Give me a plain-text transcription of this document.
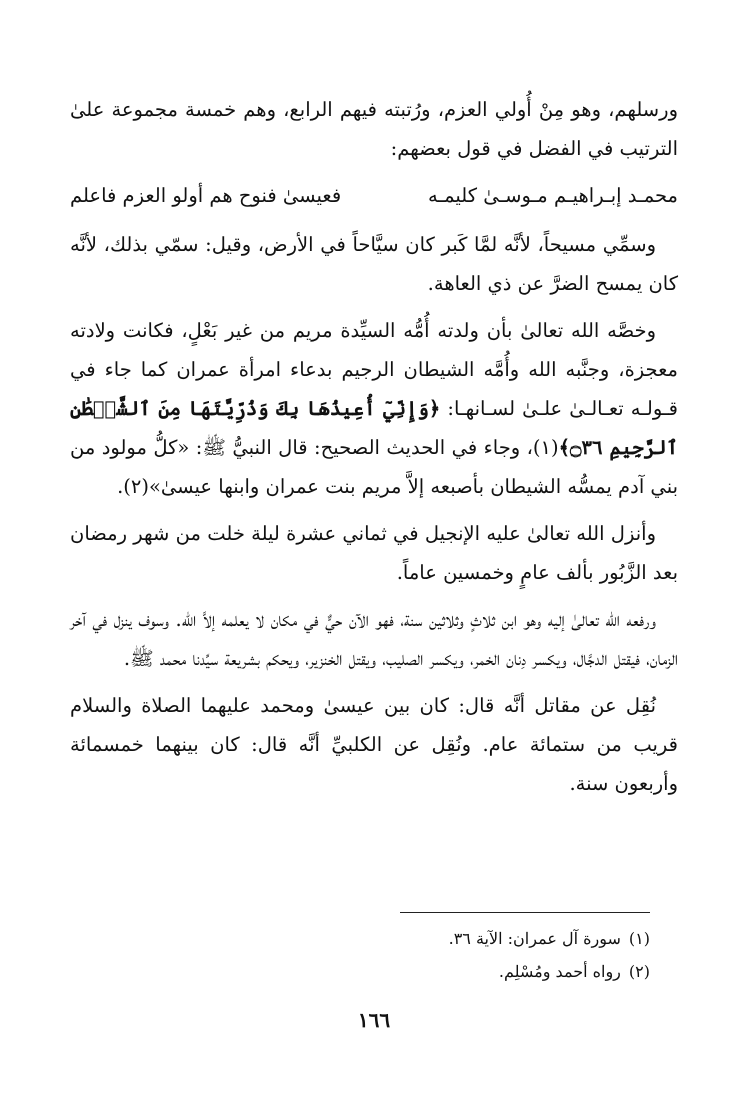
ورسلهم، وهو مِنْ أُولي العزم، ورُتبته فيهم الرابع، وهم خمسة مجموعة علىٰ الترتيب في الفضل في قول بعضهم:

محمـد إبـراهيـم مـوسـىٰ كليمـه
فعيسىٰ فنوح هم أولو العزم فاعلم

وسمِّي مسيحاً، لأنَّه لمَّا كَبر كان سيَّاحاً في الأرض، وقيل: سمّي بذلك، لأنَّه كان يمسح الضرَّ عن ذي العاهة.

وخصَّه الله تعالىٰ بأن ولدته أُمُّه السيِّدة مريم من غير بَعْلٍ، فكانت ولادته معجزة، وجنَّبه الله وأُمَّه الشيطان الرجيم بدعاء امرأة عمران كما جاء في قـولـه تعـالـىٰ علـىٰ لسـانهـا: ﴿وَإِنِّيٓ أُعِيذُهَا بِكَ وَذُرِّيَّتَهَا مِنَ ٱلشَّيۡطَٰنِ ٱلرَّجِيمِ ۝٣٦﴾(١)، وجاء في الحديث الصحيح: قال النبيُّ ﷺ: «كلُّ مولود من بني آدم يمسُّه الشيطان بأصبعه إلاَّ مريم بنت عمران وابنها عيسىٰ»(٢).

وأنزل الله تعالىٰ عليه الإنجيل في ثماني عشرة ليلة خلت من شهر رمضان بعد الزَّبُور بألف عامٍ وخمسين عاماً.

ورفعه الله تعالىٰ إليه وهو ابن ثلاثٍ وثلاثين سنة، فهو الآن حيٌّ في مكان لا يعلمه إلاَّ الله. وسوف ينزل في آخر الزمان، فيقتل الدجَّال، ويكسر دِنان الخمر، ويكسر الصليب، ويقتل الخنزير، ويحكم بشريعة سيِّدنا محمد ﷺ.

نُقِل عن مقاتل أنَّه قال: كان بين عيسىٰ ومحمد عليهما الصلاة والسلام قريب من ستمائة عام. ونُقِل عن الكلبيِّ أنَّه قال: كان بينهما خمسمائة وأربعون سنة.

(١)سورة آل عمران: الآية ٣٦.
(٢)رواه أحمد ومُسْلِم.
١٦٦
